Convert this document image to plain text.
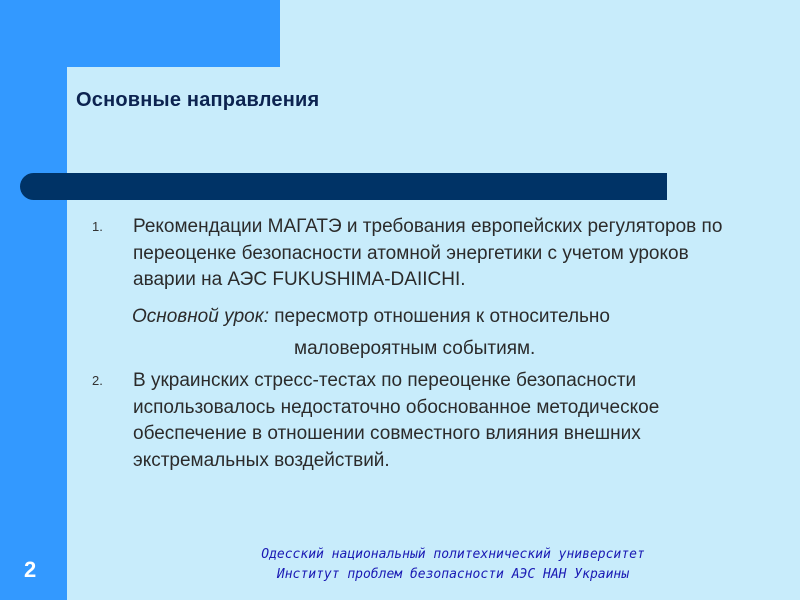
Основные направления
1. Рекомендации МАГАТЭ и требования европейских регуляторов по переоценке безопасности атомной энергетики с учетом уроков аварии на АЭС FUKUSHIMA-DAIICHI.
Основной урок: пересмотр отношения к относительно
маловероятным событиям.
2. В украинских стресс-тестах по переоценке безопасности использовалось недостаточно обоснованное методическое обеспечение в отношении совместного влияния внешних экстремальных воздействий.
2
Одесский национальный политехнический университет
Институт проблем безопасности АЭС НАН Украины
